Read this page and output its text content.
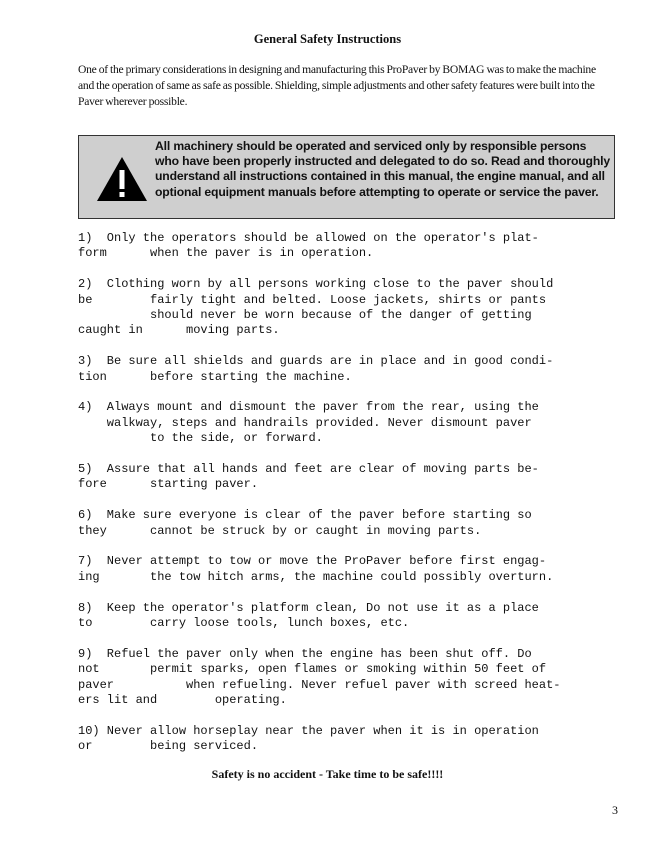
General Safety Instructions
One of the primary considerations in designing and manufacturing this ProPaver by BOMAG was to make the machine and the operation of same as safe as possible. Shielding, simple adjustments and other safety features were built into the Paver wherever possible.
All machinery should be operated and serviced only by responsible persons who have been properly instructed and delegated to do so. Read and thoroughly understand all instructions contained in this manual, the engine manual, and all optional equipment manuals before attempting to operate or service the paver.
1)  Only the operators should be allowed on the operator's plat-
form      when the paver is in operation.
2)  Clothing worn by all persons working close to the paver should
be        fairly tight and belted. Loose jackets, shirts or pants
should never be worn because of the danger of getting
caught in      moving parts.
3)  Be sure all shields and guards are in place and in good condi-
tion      before starting the machine.
4)  Always mount and dismount the paver from the rear, using the
walkway, steps and handrails provided. Never dismount paver
to the side, or forward.
5)  Assure that all hands and feet are clear of moving parts be-
fore      starting paver.
6)  Make sure everyone is clear of the paver before starting so
they      cannot be struck by or caught in moving parts.
7)  Never attempt to tow or move the ProPaver before first engag-
ing       the tow hitch arms, the machine could possibly overturn.
8)  Keep the operator's platform clean, Do not use it as a place
to        carry loose tools, lunch boxes, etc.
9)  Refuel the paver only when the engine has been shut off. Do
not       permit sparks, open flames or smoking within 50 feet of
paver          when refueling. Never refuel paver with screed heat-
ers lit and        operating.
10) Never allow horseplay near the paver when it is in operation
or        being serviced.
Safety is no accident - Take time to be safe!!!!
3
